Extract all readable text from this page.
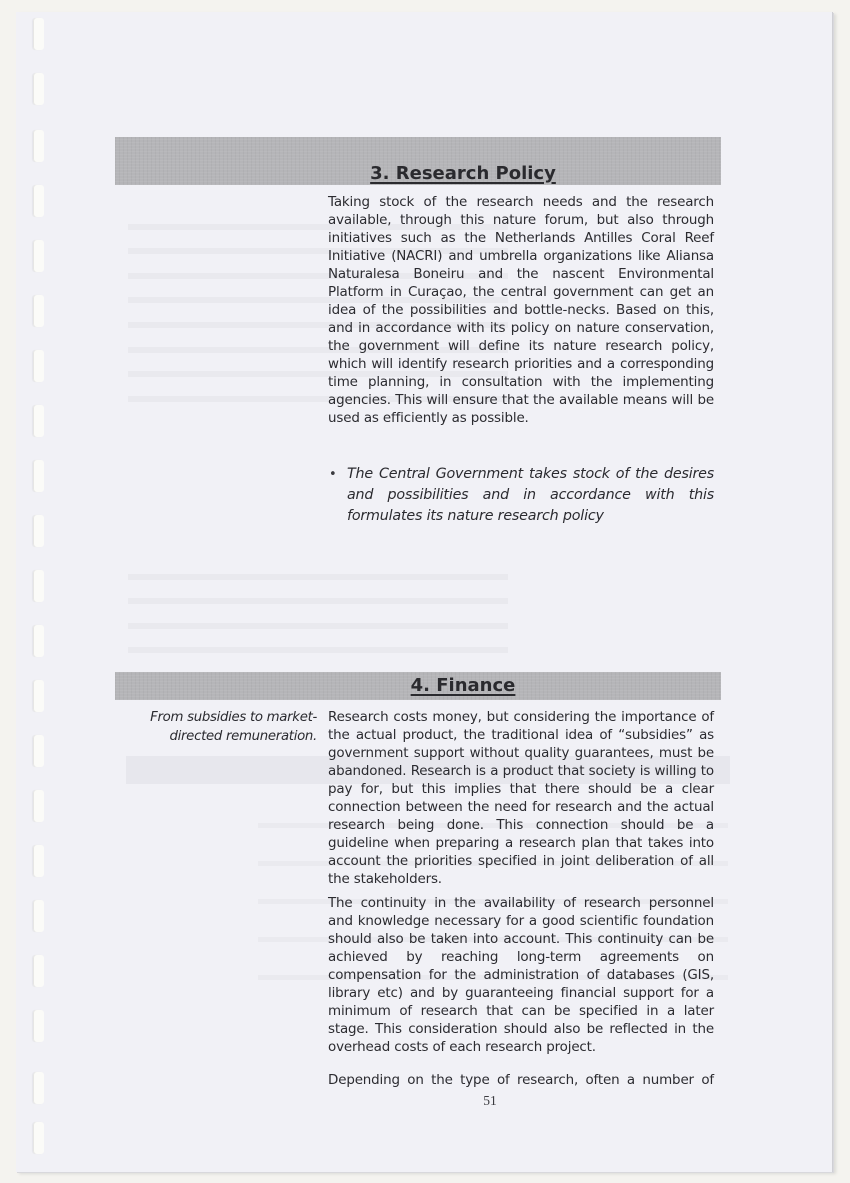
3. Research Policy

Taking stock of the research needs and the research available, through this nature forum, but also through initiatives such as the Netherlands Antilles Coral Reef Initiative (NACRI) and umbrella organizations like Aliansa Naturalesa Boneiru and the nascent Environmental Platform in Curaçao, the central government can get an idea of the possibilities and bottle-necks. Based on this, and in accordance with its policy on nature conservation, the government will define its nature research policy, which will identify research priorities and a corresponding time planning, in consultation with the implementing agencies. This will ensure that the available means will be used as efficiently as possible.

• The Central Government takes stock of the desires and possibilities and in accordance with this formulates its nature research policy
4. Finance
From subsidies to market-
directed remuneration.

Research costs money, but considering the importance of the actual product, the traditional idea of “subsidies” as government support without quality guarantees, must be abandoned. Research is a product that society is willing to pay for, but this implies that there should be a clear connection between the need for research and the actual research being done. This connection should be a guideline when preparing a research plan that takes into account the priorities specified in joint deliberation of all the stakeholders.

The continuity in the availability of research personnel and knowledge necessary for a good scientific foundation should also be taken into account. This continuity can be achieved by reaching long-term agreements on compensation for the administration of databases (GIS, library etc) and by guaranteeing financial support for a minimum of research that can be specified in a later stage. This consideration should also be reflected in the overhead costs of each research project.

Depending on the type of research, often a number of

51
